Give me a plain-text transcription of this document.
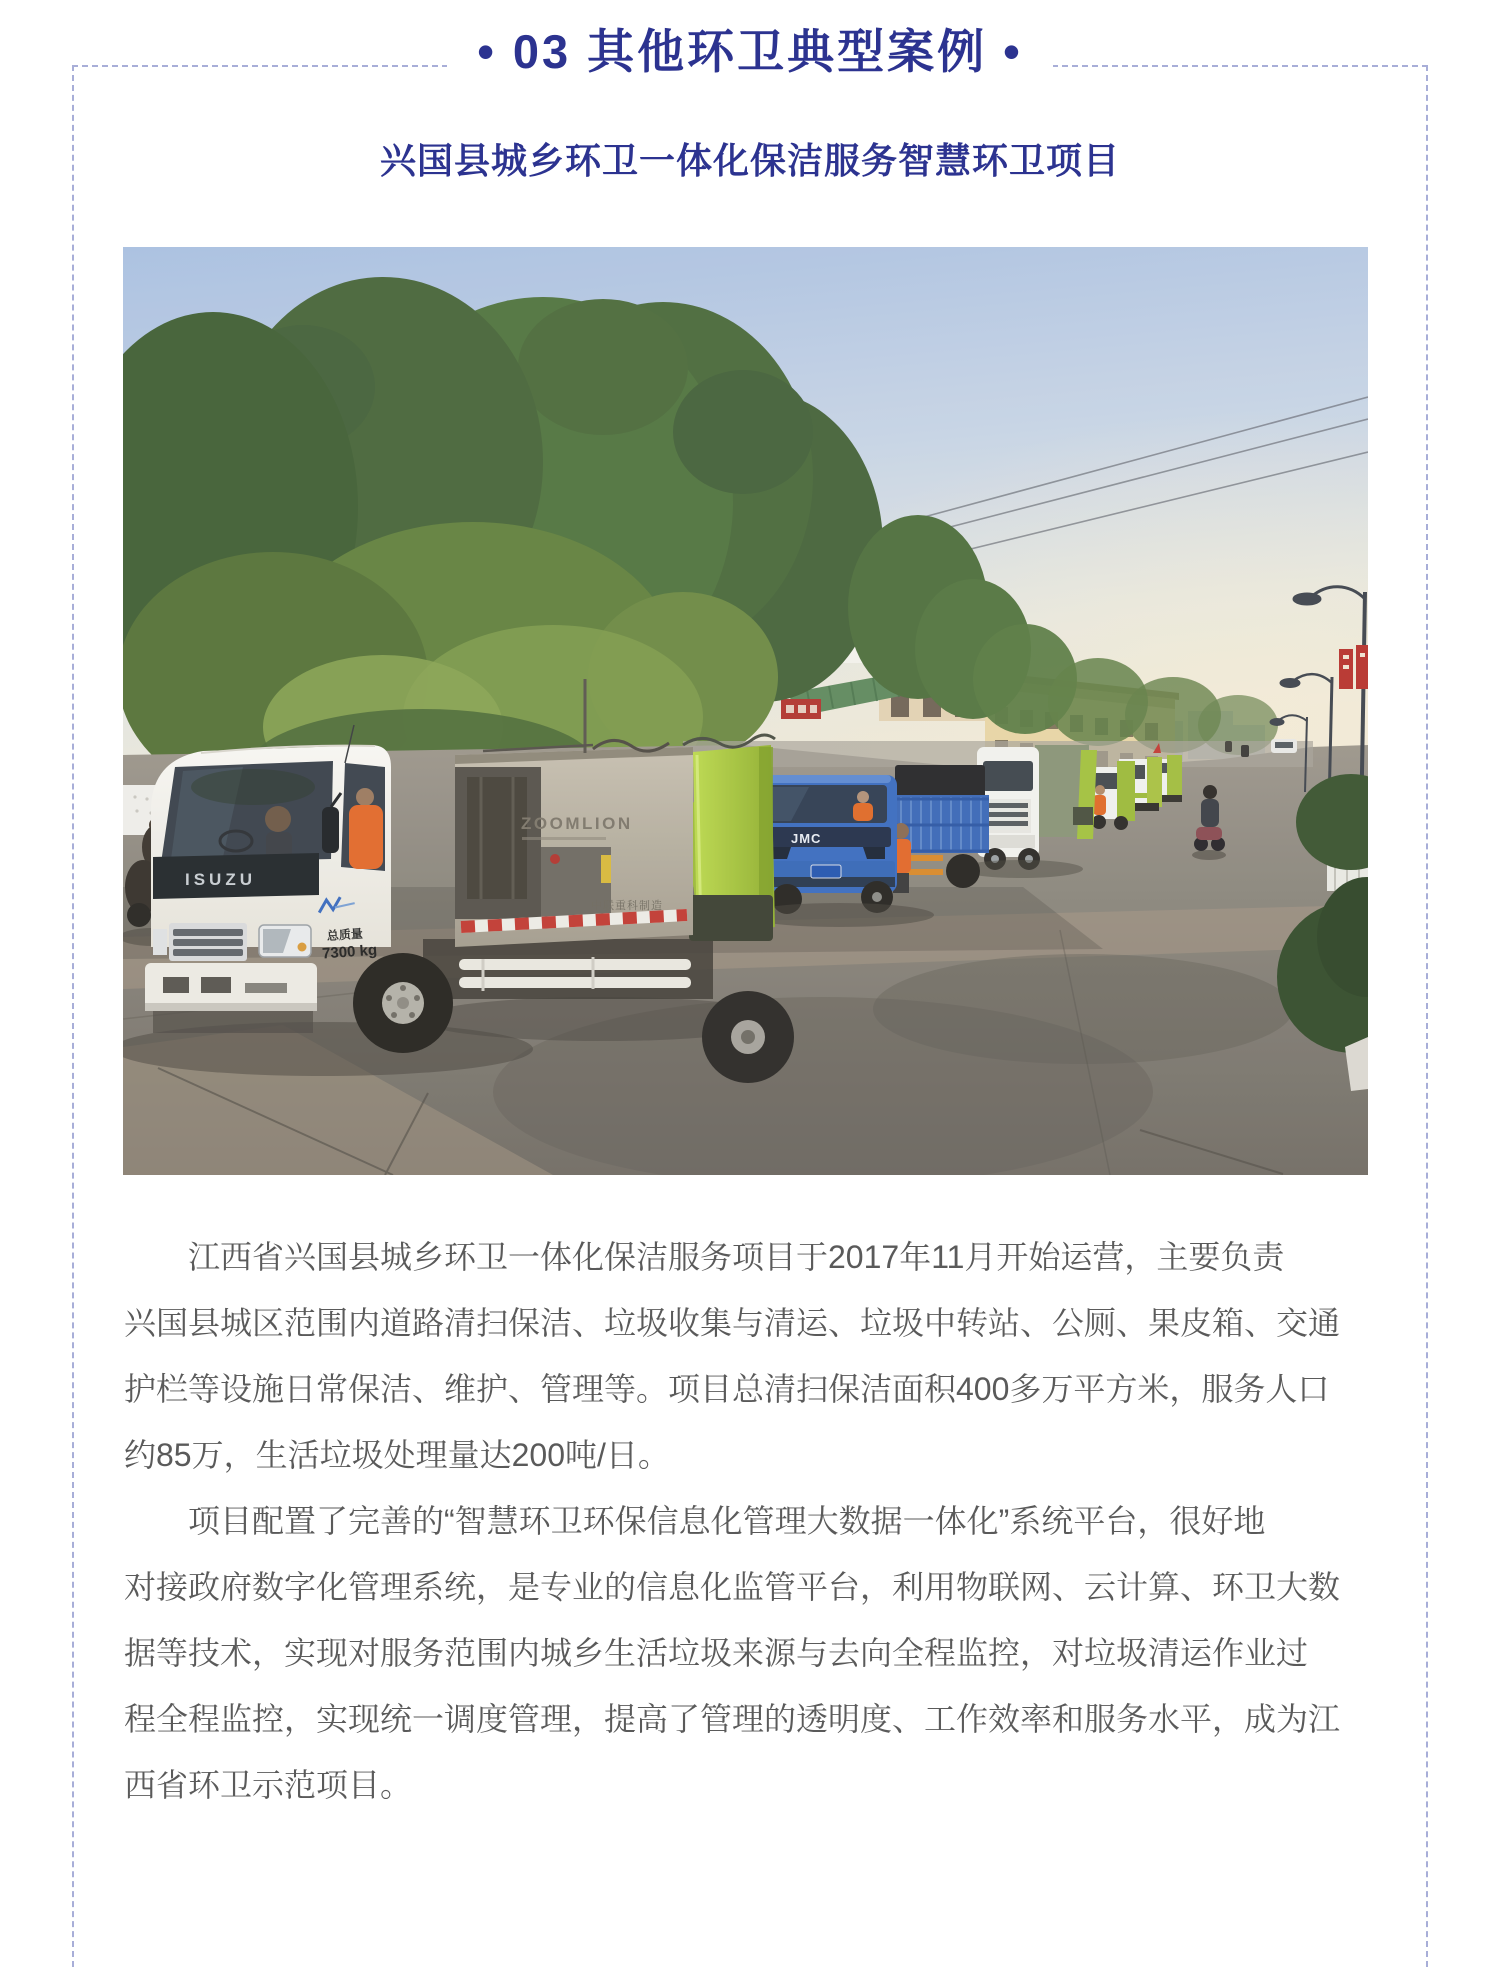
• 03 其他环卫典型案例 •
兴国县城乡环卫一体化保洁服务智慧环卫项目
JMC
ZOOMLION
中联重科制造
ISUZU
总质量
7300 kg
江西省兴国县城乡环卫一体化保洁服务项目于2017年11月开始运营，主要负责
兴国县城区范围内道路清扫保洁、垃圾收集与清运、垃圾中转站、公厕、果皮箱、交通
护栏等设施日常保洁、维护、管理等。项目总清扫保洁面积400多万平方米，服务人口
约85万，生活垃圾处理量达200吨/日。
项目配置了完善的“智慧环卫环保信息化管理大数据一体化”系统平台，很好地
对接政府数字化管理系统，是专业的信息化监管平台，利用物联网、云计算、环卫大数
据等技术，实现对服务范围内城乡生活垃圾来源与去向全程监控，对垃圾清运作业过
程全程监控，实现统一调度管理，提高了管理的透明度、工作效率和服务水平，成为江
西省环卫示范项目。
